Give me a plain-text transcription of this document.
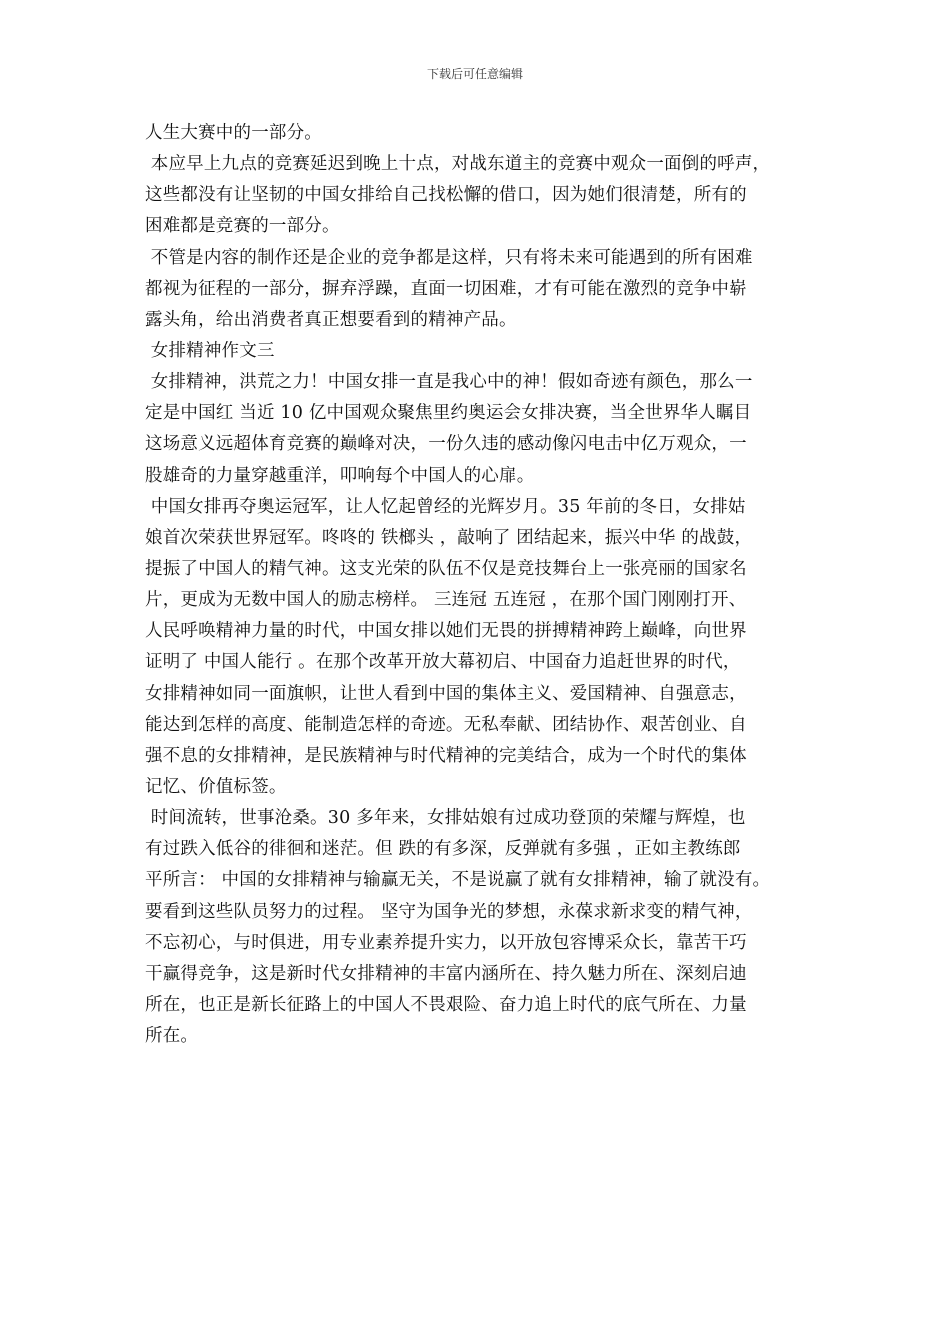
下载后可任意编辑
人生大赛中的一部分。
本应早上九点的竞赛延迟到晚上十点，对战东道主的竞赛中观众一面倒的呼声，
这些都没有让坚韧的中国女排给自己找松懈的借口，因为她们很清楚，所有的
困难都是竞赛的一部分。
不管是内容的制作还是企业的竞争都是这样，只有将未来可能遇到的所有困难
都视为征程的一部分，摒弃浮躁，直面一切困难，才有可能在激烈的竞争中崭
露头角，给出消费者真正想要看到的精神产品。
女排精神作文三
女排精神，洪荒之力！中国女排一直是我心中的神！假如奇迹有颜色，那么一
定是中国红 当近 10 亿中国观众聚焦里约奥运会女排决赛，当全世界华人瞩目
这场意义远超体育竞赛的巅峰对决，一份久违的感动像闪电击中亿万观众，一
股雄奇的力量穿越重洋，叩响每个中国人的心扉。
中国女排再夺奥运冠军，让人忆起曾经的光辉岁月。35 年前的冬日，女排姑
娘首次荣获世界冠军。咚咚的 铁榔头 ，敲响了 团结起来，振兴中华 的战鼓，
提振了中国人的精气神。这支光荣的队伍不仅是竞技舞台上一张亮丽的国家名
片，更成为无数中国人的励志榜样。 三连冠 五连冠 ，在那个国门刚刚打开、
人民呼唤精神力量的时代，中国女排以她们无畏的拼搏精神跨上巅峰，向世界
证明了 中国人能行 。在那个改革开放大幕初启、中国奋力追赶世界的时代，
女排精神如同一面旗帜，让世人看到中国的集体主义、爱国精神、自强意志，
能达到怎样的高度、能制造怎样的奇迹。无私奉献、团结协作、艰苦创业、自
强不息的女排精神，是民族精神与时代精神的完美结合，成为一个时代的集体
记忆、价值标签。
时间流转，世事沧桑。30 多年来，女排姑娘有过成功登顶的荣耀与辉煌，也
有过跌入低谷的徘徊和迷茫。但 跌的有多深，反弹就有多强 ，正如主教练郎
平所言： 中国的女排精神与输赢无关，不是说赢了就有女排精神，输了就没有。
要看到这些队员努力的过程。 坚守为国争光的梦想，永葆求新求变的精气神，
不忘初心，与时俱进，用专业素养提升实力，以开放包容博采众长，靠苦干巧
干赢得竞争，这是新时代女排精神的丰富内涵所在、持久魅力所在、深刻启迪
所在，也正是新长征路上的中国人不畏艰险、奋力追上时代的底气所在、力量
所在。
